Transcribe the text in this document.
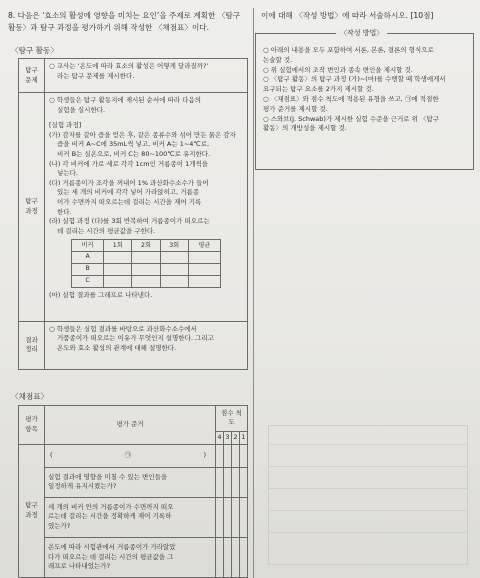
8. 다음은 ‘효소의 활성에 영향을 미치는 요인’을 주제로 계획한 〈탐구
활동〉과 탐구 과정을 평가하기 위해 작성한 〈채점표〉이다.
〈탐구 활동〉
탐구
문제

○ 교사는 ‘온도에 따라 효소의 활성은 어떻게 달라질까?’
라는 탐구 문제를 제시한다.

탐구
과정

○ 학생들은 탐구 활동지에 제시된 순서에 따라 다음의
실험을 실시한다.
[실험 과정]
(가) 감자를 갈아 즙을 얻은 후, 같은 종류수와 섞어 만든 묽은 감자
즙을 비커 A~C에 35mL씩 넣고, 비커 A는 1~4℃로,
비커 B는 실온으로, 비커 C는 80~100℃로 유지한다.
(나) 각 비커에 가로 세로 각각 1cm인 거름종이 1개씩을
넣는다.
(다) 거름종이가 조각을 꺼내어 1% 과산화수소수가 들어
있는 세 개의 비커에 각각 넣어 가라앉히고, 거름종
이가 수면까지 떠오르는데 걸리는 시간을 재어 기록
한다.
(라) 실험 과정 (다)를 3회 반복하여 거름종이가 떠오르는
데 걸리는 시간의 평균값을 구한다.
비커	1회	2회	3회	평균
A				
B				
C				
(마) 실험 결과를 그래프로 나타낸다.

결과
정리

○ 학생들은 실험 결과를 바탕으로 과산화수소수에서
거품종이가 떠오르는 이유가 무엇인지 설명한다. 그리고
온도와 효소 활성의 관계에 대해 설명한다.
〈채점표〉
평가
항목	평가 준거	점수 척도			
		4	3	2	1

탐구
과정	( ㉠ )				

	실험 결과에 영향을 미칠 수 있는 변인들을
일정하게 유지시켰는가?				

	세 개의 비커 안의 거름종이가 수면까지 떠오
르는데 걸리는 시간을 정확하게 재어 기록하
였는가?				

	온도에 따라 시험관에서 거름종이가 가라앉았
다가 떠오르는 데 걸리는 시간의 평균값을 그
래프로 나타내었는가?				

이에 대해 〈작성 방법〉에 따라 서술하시오. [10점]
〈작성 방법〉
○ 아래의 내용을 모두 포함하여 서론, 본론, 결론의 형식으로
논술할 것.
○ 위 실험에서의 조작 변인과 종속 변인을 제시할 것.
○ 〈탐구 활동〉의 탐구 과정 (가)~(마)를 수행할 때 학생에게서
요구되는 탐구 요소를 2가지 제시할 것.
○ 〈채점표〉와 점수 척도에 적용된 유형을 쓰고, ㉠에 적절한
평가 준거를 제시할 것.
○ 스와브(J. Schwab)가 제시한 실험 수준을 근거로 위 〈탐구
활동〉의 개방성을 제시할 것.
